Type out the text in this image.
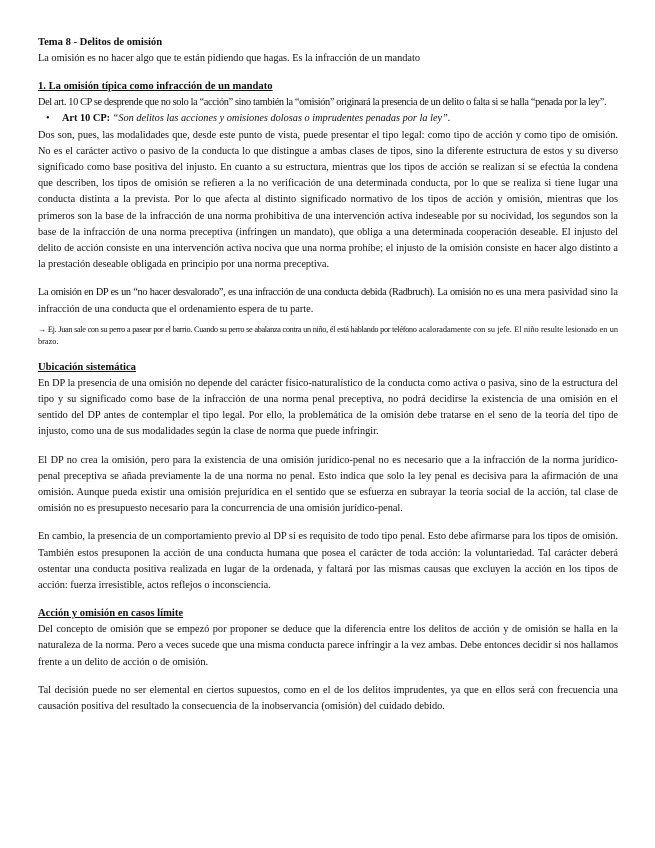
Tema 8 - Delitos de omisión

La omisión es no hacer algo que te están pidiendo que hagas. Es la infracción de un mandato

1. La omisión típica como infracción de un mandato

Del art. 10 CP se desprende que no solo la “acción” sino también la “omisión” originará la presencia de un delito o falta si se halla “penada por la ley”.

• Art 10 CP: “Son delitos las acciones y omisiones dolosas o imprudentes penadas por la ley”.

Dos son, pues, las modalidades que, desde este punto de vista, puede presentar el tipo legal: como tipo de acción y como tipo de omisión. No es el carácter activo o pasivo de la conducta lo que distingue a ambas clases de tipos, sino la diferente estructura de estos y su diverso significado como base positiva del injusto. En cuanto a su estructura, mientras que los tipos de acción se realizan si se efectúa la condena que describen, los tipos de omisión se refieren a la no verificación de una determinada conducta, por lo que se realiza si tiene lugar una conducta distinta a la prevista. Por lo que afecta al distinto significado normativo de los tipos de acción y omisión, mientras que los primeros son la base de la infracción de una norma prohibitiva de una intervención activa indeseable por su nocividad, los segundos son la base de la infracción de una norma preceptiva (infringen un mandato), que obliga a una determinada cooperación deseable. El injusto del delito de acción consiste en una intervención activa nociva que una norma prohíbe; el injusto de la omisión consiste en hacer algo distinto a la prestación deseable obligada en principio por una norma preceptiva.

La omisión en DP es un “no hacer desvalorado”, es una infracción de una conducta debida (Radbruch). La omisión no es una mera pasividad sino la infracción de una conducta que el ordenamiento espera de tu parte.

→ Ej. Juan sale con su perro a pasear por el barrio. Cuando su perro se abalanza contra un niño, él está hablando por teléfono acaloradamente con su jefe. El niño resulte lesionado en un brazo.

Ubicación sistemática

En DP la presencia de una omisión no depende del carácter físico-naturalístico de la conducta como activa o pasiva, sino de la estructura del tipo y su significado como base de la infracción de una norma penal preceptiva, no podrá decidirse la existencia de una omisión en el sentido del DP antes de contemplar el tipo legal. Por ello, la problemática de la omisión debe tratarse en el seno de la teoría del tipo de injusto, como una de sus modalidades según la clase de norma que puede infringir.

El DP no crea la omisión, pero para la existencia de una omisión jurídico-penal no es necesario que a la infracción de la norma jurídico-penal preceptiva se añada previamente la de una norma no penal. Esto indica que solo la ley penal es decisiva para la afirmación de una omisión. Aunque pueda existir una omisión prejurídica en el sentido que se esfuerza en subrayar la teoría social de la acción, tal clase de omisión no es presupuesto necesario para la concurrencia de una omisión jurídico-penal.

En cambio, la presencia de un comportamiento previo al DP sí es requisito de todo tipo penal. Esto debe afirmarse para los tipos de omisión. También estos presuponen la acción de una conducta humana que posea el carácter de toda acción: la voluntariedad. Tal carácter deberá ostentar una conducta positiva realizada en lugar de la ordenada, y faltará por las mismas causas que excluyen la acción en los tipos de acción: fuerza irresistible, actos reflejos o inconsciencia.

Acción y omisión en casos límite

Del concepto de omisión que se empezó por proponer se deduce que la diferencia entre los delitos de acción y de omisión se halla en la naturaleza de la norma. Pero a veces sucede que una misma conducta parece infringir a la vez ambas. Debe entonces decidir si nos hallamos frente a un delito de acción o de omisión.

Tal decisión puede no ser elemental en ciertos supuestos, como en el de los delitos imprudentes, ya que en ellos será con frecuencia una causación positiva del resultado la consecuencia de la inobservancia (omisión) del cuidado debido.
